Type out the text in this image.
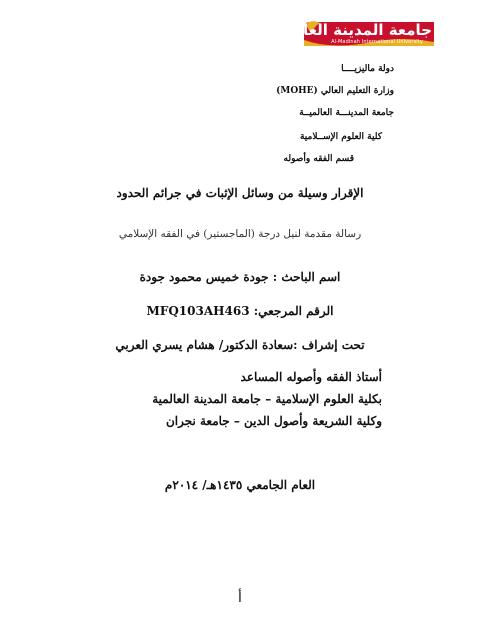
جامعة المدينة العالمية
Al-Madinah International University
دولة ماليزيــــا
وزارة التعليم العالي (MOHE)
جامعة المدينـــة العالميــة
كلية العلوم الإســلامية
قسم الفقه وأصوله
الإقرار وسيلة من وسائل الإثبات في جرائم الحدود
رسالة مقدمة لنيل درجة (الماجستير) في الفقه الإسلامي
اسم الباحث : جودة خميس محمود جودة
الرقم المرجعي: MFQ103AH463
تحت إشراف :سعادة الدكتور/ هشام يسري العربي
أستاذ الفقه وأصوله المساعد
بكلية العلوم الإسلامية – جامعة المدينة العالمية
وكلية الشريعة وأصول الدين – جامعة نجران
العام الجامعي ١٤٣٥هـ/ ٢٠١٤م
أ
